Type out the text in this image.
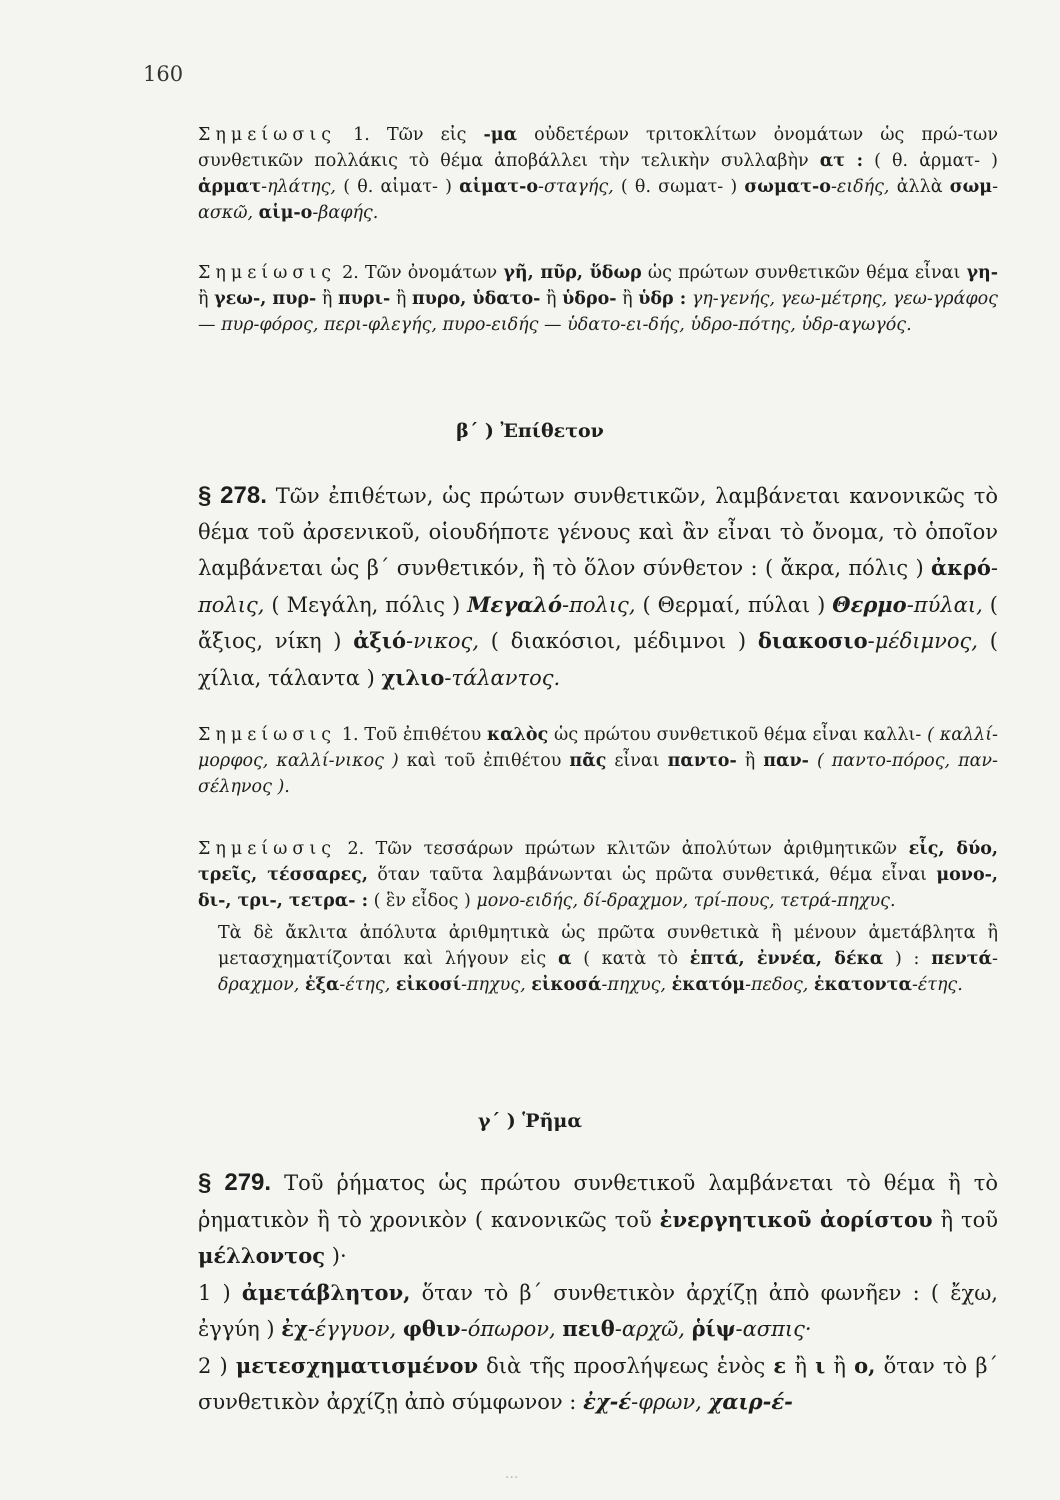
160

Σημείωσις 1. Τῶν εἰς -μα οὐδετέρων τριτοκλίτων ὀνομάτων ὡς πρώ-των συνθετικῶν πολλάκις τὸ θέμα ἀποβάλλει τὴν τελικὴν συλλαβὴν ατ : ( θ. ἁρματ- ) ἁρματ-ηλάτης, ( θ. αἱματ- ) αἱματ-ο-σταγής, ( θ. σωματ- ) σωματ-ο-ειδής, ἀλλὰ σωμ-ασκῶ, αἱμ-ο-βαφής.

Σημείωσις 2. Τῶν ὀνομάτων γῆ, πῦρ, ὕδωρ ὡς πρώτων συνθετικῶν θέμα εἶναι γη- ἢ γεω-, πυρ- ἢ πυρι- ἢ πυρο, ὑδατο- ἢ ὑδρο- ἢ ὑδρ : γη-γενής, γεω-μέτρης, γεω-γράφος — πυρ-φόρος, περι-φλεγής, πυρο-ειδής — ὑδατο-ει-δής, ὑδρο-πότης, ὑδρ-αγωγός.

β΄ ) Ἐπίθετον

§ 278. Τῶν ἐπιθέτων, ὡς πρώτων συνθετικῶν, λαμβάνεται κανονικῶς τὸ θέμα τοῦ ἀρσενικοῦ, οἱουδήποτε γένους καὶ ἂν εἶναι τὸ ὄνομα, τὸ ὁποῖον λαμβάνεται ὡς β΄ συνθετικόν, ἢ τὸ ὅλον σύνθετον : ( ἄκρα, πόλις ) ἀκρό-πολις, ( Μεγάλη, πόλις ) Μεγαλό-πολις, ( Θερμαί, πύλαι ) Θερμο-πύλαι, ( ἄξιος, νίκη ) ἀξιό-νικος, ( διακόσιοι, μέδιμνοι ) διακοσιο-μέδιμνος, ( χίλια, τάλαντα ) χιλιο-τάλαντος.

Σημείωσις 1. Τοῦ ἐπιθέτου καλὸς ὡς πρώτου συνθετικοῦ θέμα εἶναι καλλι- ( καλλί-μορφος, καλλί-νικος ) καὶ τοῦ ἐπιθέτου πᾶς εἶναι παντο- ἢ παν- ( παντο-πόρος, παν-σέληνος ).

Σημείωσις 2. Τῶν τεσσάρων πρώτων κλιτῶν ἀπολύτων ἀριθμητικῶν εἷς, δύο, τρεῖς, τέσσαρες, ὅταν ταῦτα λαμβάνωνται ὡς πρῶτα συνθετικά, θέμα εἶναι μονο-, δι-, τρι-, τετρα- : ( ἓν εἶδος ) μονο-ειδής, δί-δραχμον, τρί-πους, τετρά-πηχυς.

Τὰ δὲ ἄκλιτα ἀπόλυτα ἀριθμητικὰ ὡς πρῶτα συνθετικὰ ἢ μένουν ἀμετάβλητα ἢ μετασχηματίζονται καὶ λήγουν εἰς α ( κατὰ τὸ ἑπτά, ἐννέα, δέκα ) : πεντά-δραχμον, ἑξα-έτης, εἰκοσί-πηχυς, εἰκοσά-πηχυς, ἑκατόμ-πεδος, ἑκατοντα-έτης.

γ΄ ) Ῥῆμα

§ 279. Τοῦ ῥήματος ὡς πρώτου συνθετικοῦ λαμβάνεται τὸ θέμα ἢ τὸ ῥηματικὸν ἢ τὸ χρονικὸν ( κανονικῶς τοῦ ἐνεργητικοῦ ἀορίστου ἢ τοῦ μέλλοντος )·

1 ) ἀμετάβλητον, ὅταν τὸ β΄ συνθετικὸν ἀρχίζῃ ἀπὸ φωνῆεν : ( ἔχω, ἐγγύη ) ἐχ-έγγυον, φθιν-όπωρον, πειθ-αρχῶ, ῥίψ-ασπις·

2 ) μετεσχηματισμένον διὰ τῆς προσλήψεως ἑνὸς ε ἢ ι ἢ ο, ὅταν τὸ β΄ συνθετικὸν ἀρχίζῃ ἀπὸ σύμφωνον : ἐχ-έ-φρων, χαιρ-έ-

···
